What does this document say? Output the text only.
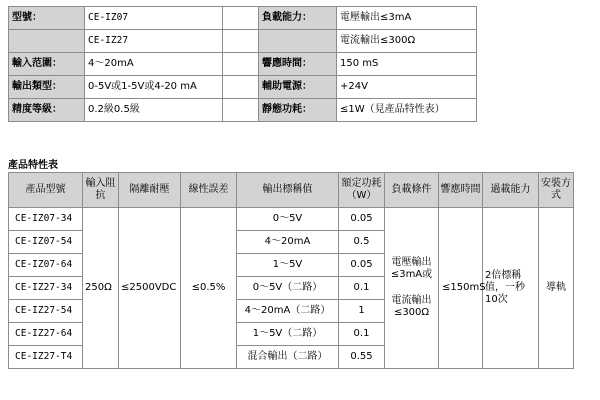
型號：	CE-IZ07		負載能力：	電壓輸出≤3mA
	CE-IZ27			電流輸出≤300Ω
輸入范圍：	4～20mA		響應時間：	150 mS
輸出類型：	0-5V或1-5V或4-20 mA		輔助電源：	+24V
精度等級：	0.2級0.5級		靜態功耗：	≤1W（見產品特性表）
產品特性表
產品型號	輸入阻抗	隔離耐壓	線性誤差	輸出標稱值	額定功耗（W）	負載條件	響應時間	過載能力	安裝方式
CE-IZ07-34	250Ω	≤2500VDC	≤0.5%	0～5V	0.05	電壓輸出≤3mA或
電流輸出≤300Ω	≤150mS	2倍標稱值，一秒10次	導軌
CE-IZ07-54				4～20mA	0.5				
CE-IZ07-64				1～5V	0.05				
CE-IZ27-34				0～5V（二路）	0.1				
CE-IZ27-54				4～20mA（二路）	1				
CE-IZ27-64				1～5V（二路）	0.1				
CE-IZ27-T4				混合輸出（二路）	0.55				
